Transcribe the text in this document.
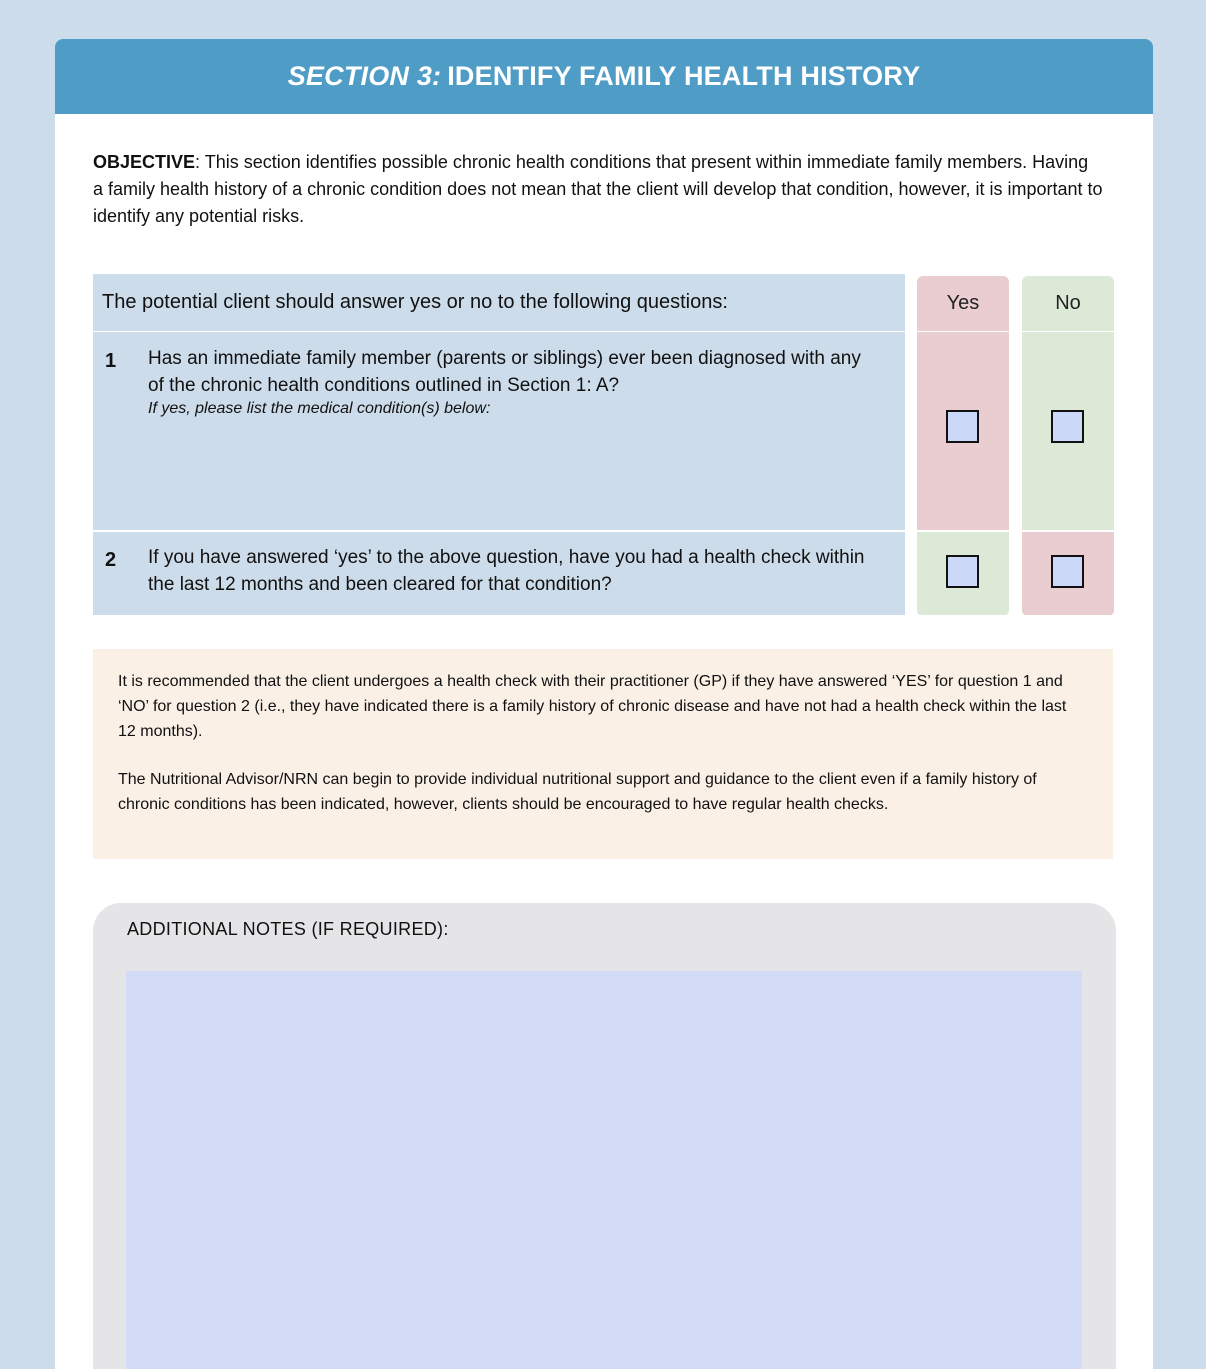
SECTION 3: IDENTIFY FAMILY HEALTH HISTORY
OBJECTIVE: This section identifies possible chronic health conditions that present within immediate family members. Having a family health history of a chronic condition does not mean that the client will develop that condition, however, it is important to identify any potential risks.
The potential client should answer yes or no to the following questions:	Yes	No
1 Has an immediate family member (parents or siblings) ever been diagnosed with any of the chronic health conditions outlined in Section 1: A?
If yes, please list the medical condition(s) below:
2 If you have answered ‘yes’ to the above question, have you had a health check within the last 12 months and been cleared for that condition?

It is recommended that the client undergoes a health check with their practitioner (GP) if they have answered ‘YES’ for question 1 and ‘NO’ for question 2 (i.e., they have indicated there is a family history of chronic disease and have not had a health check within the last 12 months).

The Nutritional Advisor/NRN can begin to provide individual nutritional support and guidance to the client even if a family history of chronic conditions has been indicated, however, clients should be encouraged to have regular health checks.

ADDITIONAL NOTES (IF REQUIRED):
